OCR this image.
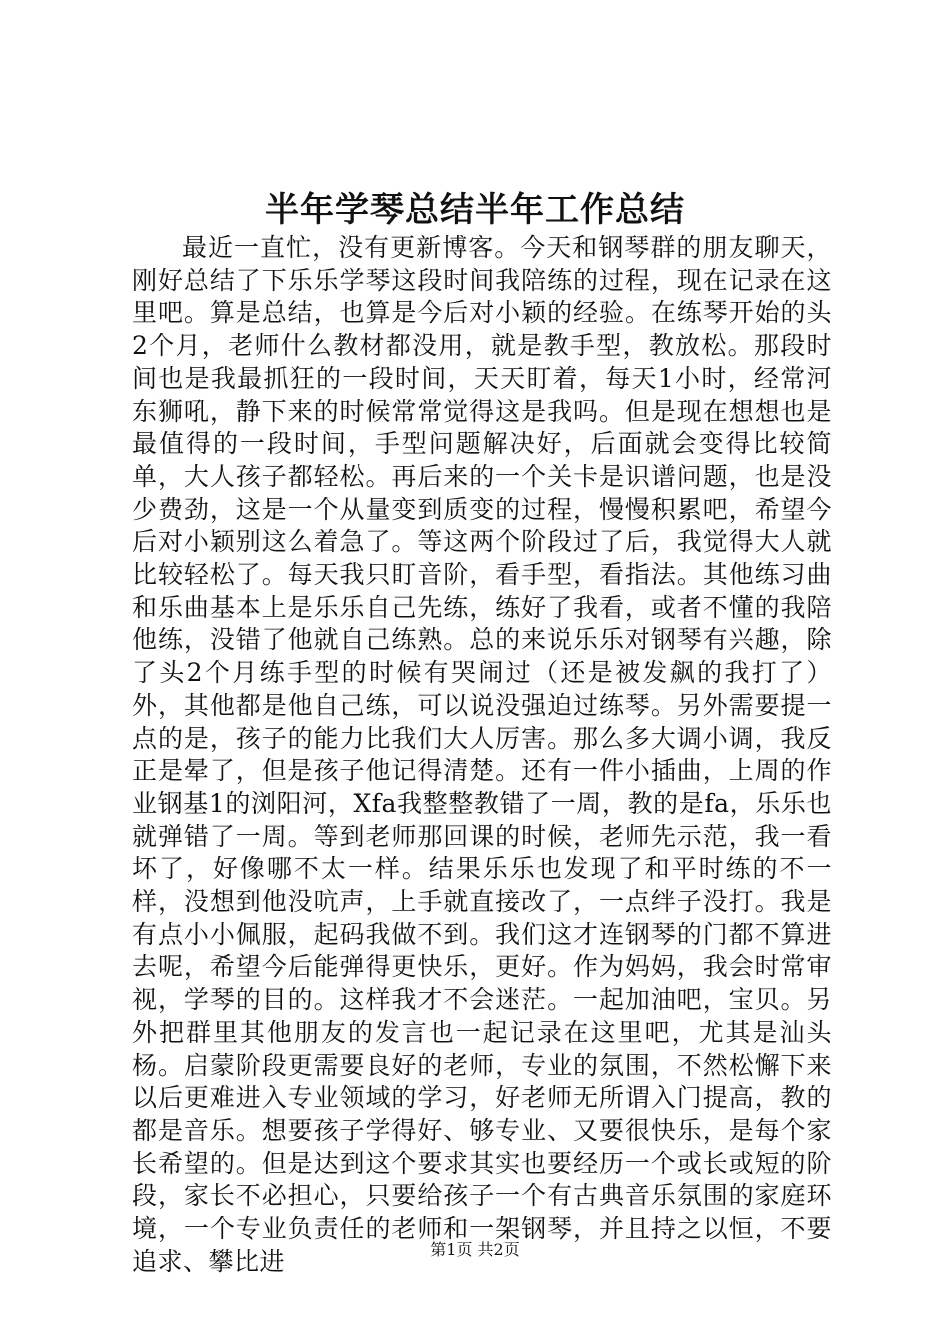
半年学琴总结半年工作总结

最近一直忙，没有更新博客。今天和钢琴群的朋友聊天，刚好总结了下乐乐学琴这段时间我陪练的过程，现在记录在这里吧。算是总结，也算是今后对小颖的经验。在练琴开始的头2个月，老师什么教材都没用，就是教手型，教放松。那段时间也是我最抓狂的一段时间，天天盯着，每天1小时，经常河东狮吼，静下来的时候常常觉得这是我吗。但是现在想想也是最值得的一段时间，手型问题解决好，后面就会变得比较简单，大人孩子都轻松。再后来的一个关卡是识谱问题，也是没少费劲，这是一个从量变到质变的过程，慢慢积累吧，希望今后对小颖别这么着急了。等这两个阶段过了后，我觉得大人就比较轻松了。每天我只盯音阶，看手型，看指法。其他练习曲和乐曲基本上是乐乐自己先练，练好了我看，或者不懂的我陪他练，没错了他就自己练熟。总的来说乐乐对钢琴有兴趣，除了头2个月练手型的时候有哭闹过（还是被发飙的我打了）外，其他都是他自己练，可以说没强迫过练琴。另外需要提一点的是，孩子的能力比我们大人厉害。那么多大调小调，我反正是晕了，但是孩子他记得清楚。还有一件小插曲，上周的作业钢基1的浏阳河，Xfa我整整教错了一周，教的是fa，乐乐也就弹错了一周。等到老师那回课的时候，老师先示范，我一看坏了，好像哪不太一样。结果乐乐也发现了和平时练的不一样，没想到他没吭声，上手就直接改了，一点绊子没打。我是有点小小佩服，起码我做不到。我们这才连钢琴的门都不算进去呢，希望今后能弹得更快乐，更好。作为妈妈，我会时常审视，学琴的目的。这样我才不会迷茫。一起加油吧，宝贝。另外把群里其他朋友的发言也一起记录在这里吧，尤其是汕头杨。启蒙阶段更需要良好的老师，专业的氛围，不然松懈下来以后更难进入专业领域的学习，好老师无所谓入门提高，教的都是音乐。想要孩子学得好、够专业、又要很快乐，是每个家长希望的。但是达到这个要求其实也要经历一个或长或短的阶段，家长不必担心，只要给孩子一个有古典音乐氛围的家庭环境，一个专业负责任的老师和一架钢琴，并且持之以恒，不要追求、攀比进	第1页 共2页
